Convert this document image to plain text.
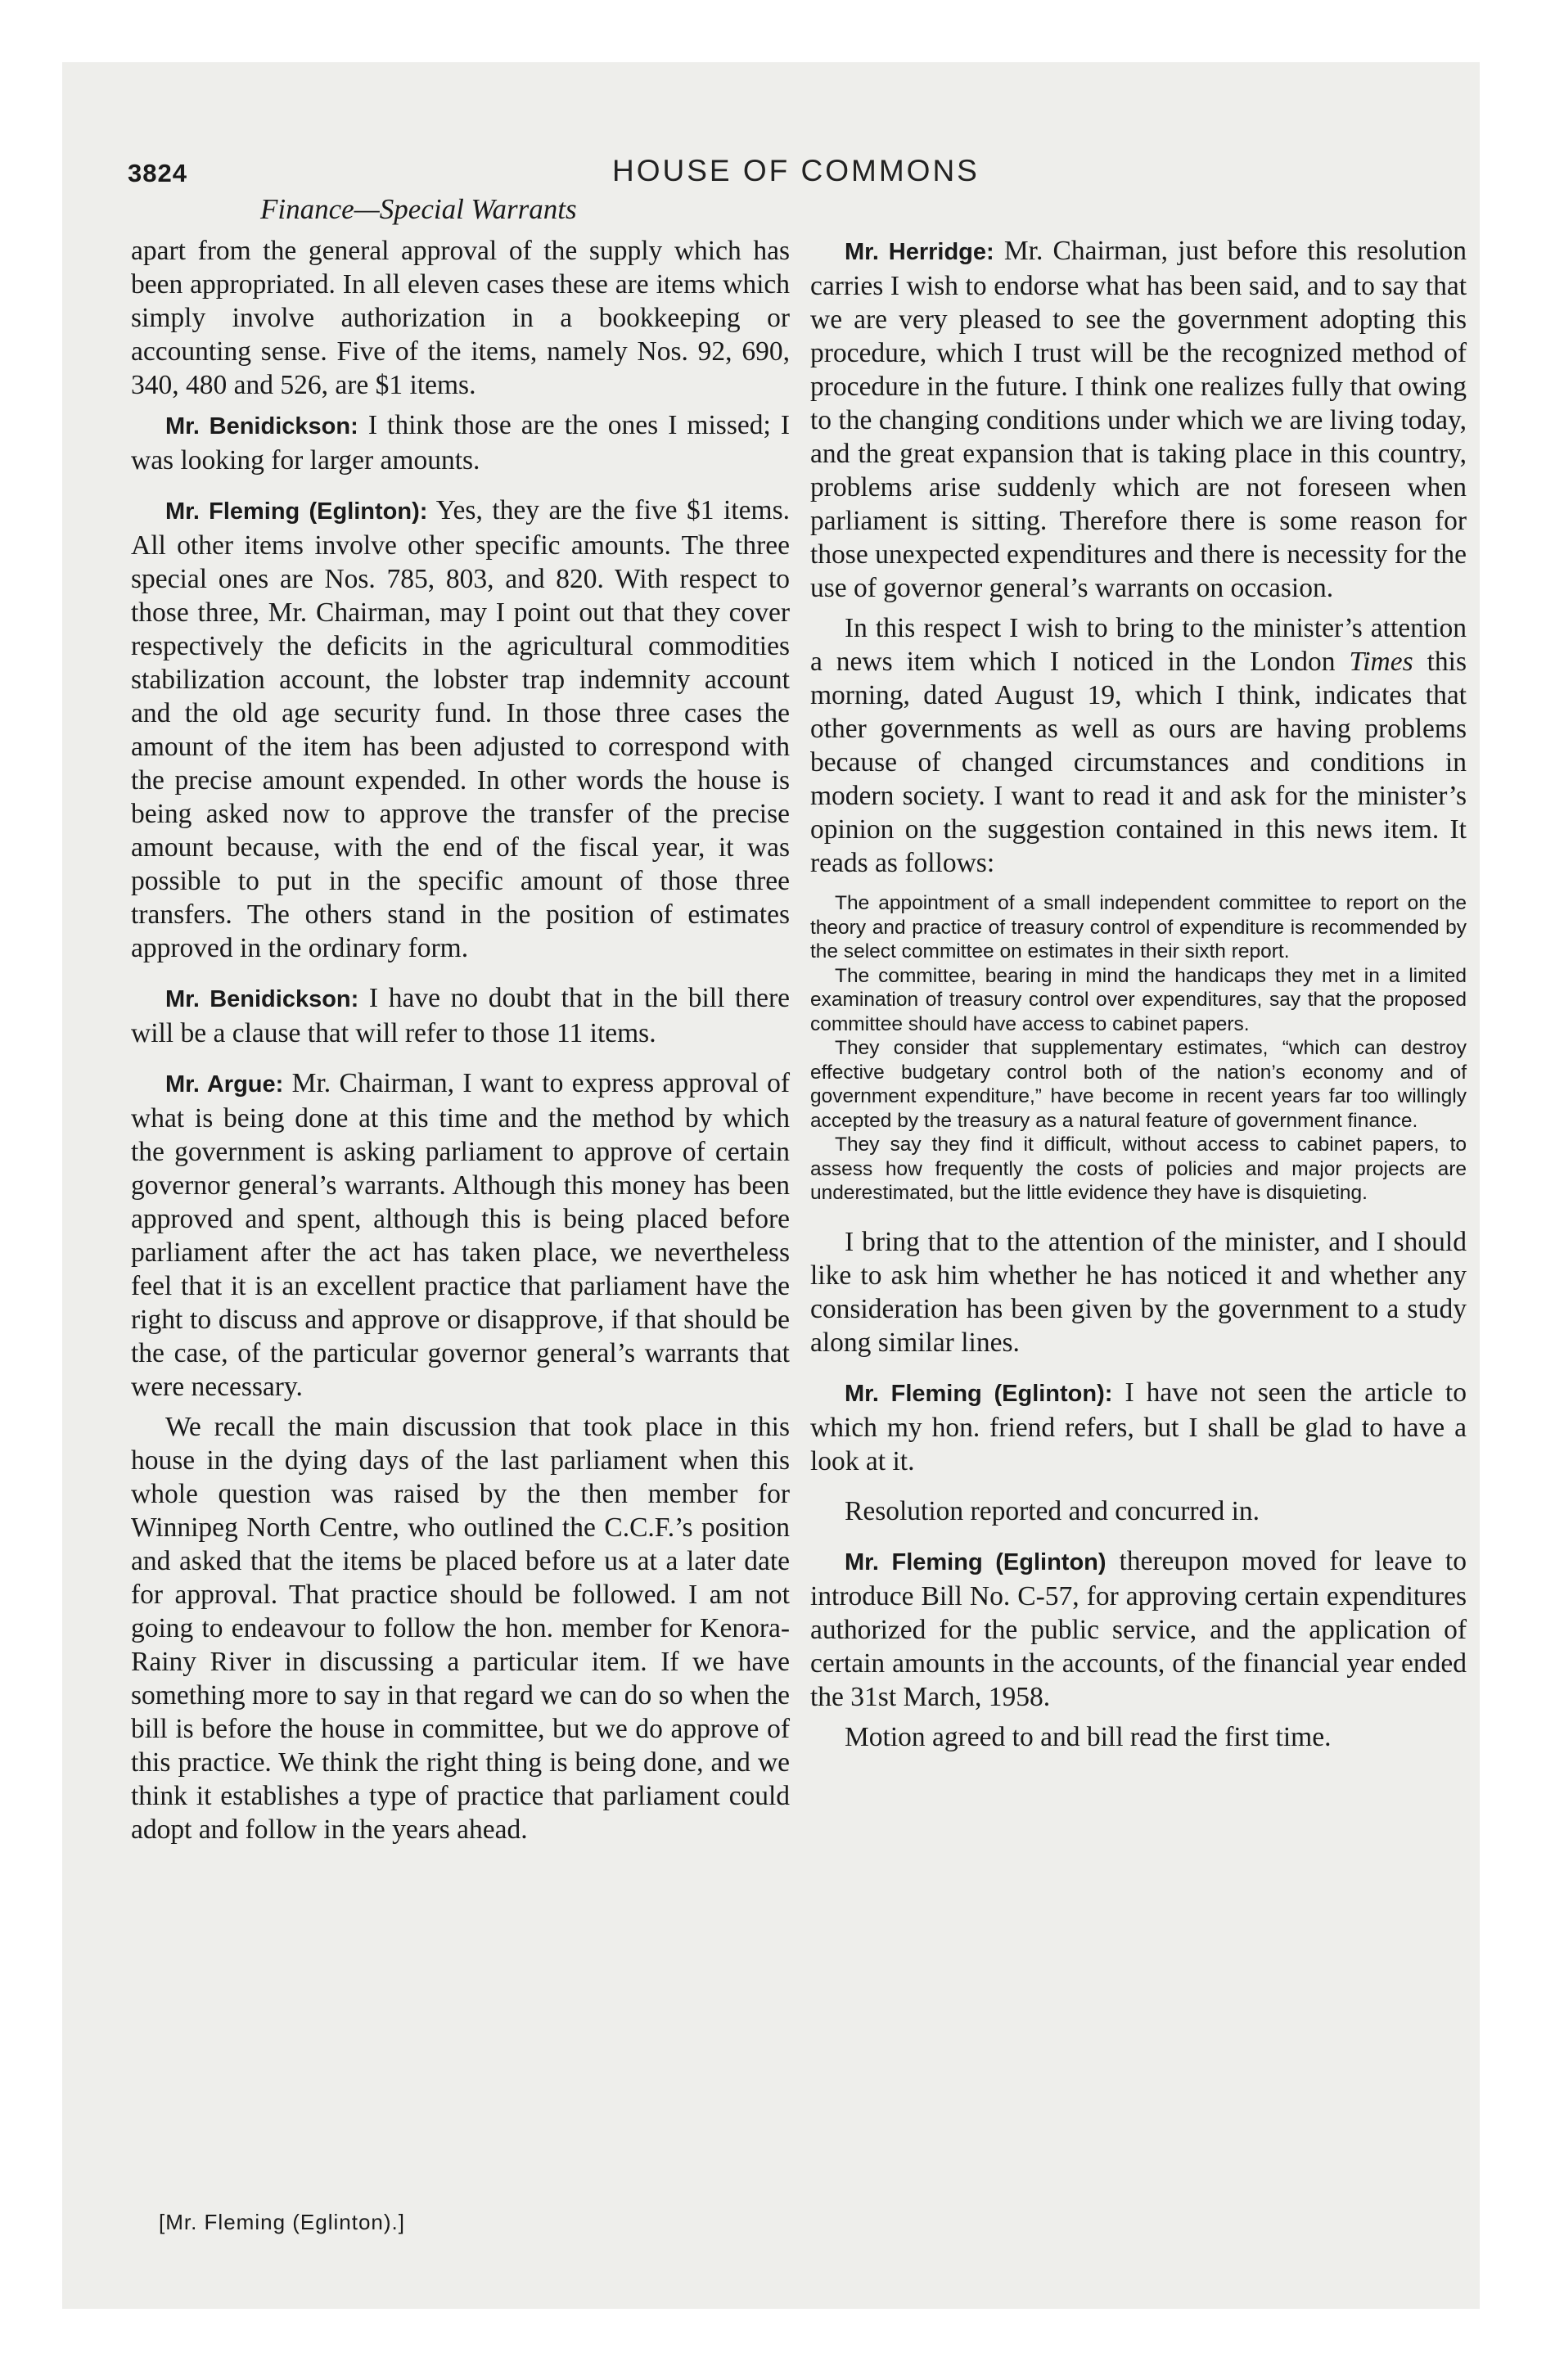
3824	HOUSE OF COMMONS
Finance—Special Warrants

apart from the general approval of the supply which has been appropriated. In all eleven cases these are items which simply involve authorization in a bookkeeping or accounting sense. Five of the items, namely Nos. 92, 690, 340, 480 and 526, are $1 items.

Mr. Benidickson: I think those are the ones I missed; I was looking for larger amounts.

Mr. Fleming (Eglinton): Yes, they are the five $1 items. All other items involve other specific amounts. The three special ones are Nos. 785, 803, and 820. With respect to those three, Mr. Chairman, may I point out that they cover respectively the deficits in the agricultural commodities stabilization account, the lobster trap indemnity account and the old age security fund. In those three cases the amount of the item has been adjusted to correspond with the precise amount expended. In other words the house is being asked now to approve the transfer of the precise amount because, with the end of the fiscal year, it was possible to put in the specific amount of those three transfers. The others stand in the position of estimates approved in the ordinary form.

Mr. Benidickson: I have no doubt that in the bill there will be a clause that will refer to those 11 items.

Mr. Argue: Mr. Chairman, I want to express approval of what is being done at this time and the method by which the government is asking parliament to approve of certain governor general’s warrants. Although this money has been approved and spent, although this is being placed before parliament after the act has taken place, we nevertheless feel that it is an excellent practice that parliament have the right to discuss and approve or disapprove, if that should be the case, of the particular governor general’s warrants that were necessary.

We recall the main discussion that took place in this house in the dying days of the last parliament when this whole question was raised by the then member for Winnipeg North Centre, who outlined the C.C.F.’s position and asked that the items be placed before us at a later date for approval. That practice should be followed. I am not going to endeavour to follow the hon. member for Kenora-Rainy River in discussing a particular item. If we have something more to say in that regard we can do so when the bill is before the house in committee, but we do approve of this practice. We think the right thing is being done, and we think it establishes a type of practice that parliament could adopt and follow in the years ahead.

[Mr. Fleming (Eglinton).]

Mr. Herridge: Mr. Chairman, just before this resolution carries I wish to endorse what has been said, and to say that we are very pleased to see the government adopting this procedure, which I trust will be the recognized method of procedure in the future. I think one realizes fully that owing to the changing conditions under which we are living today, and the great expansion that is taking place in this country, problems arise suddenly which are not foreseen when parliament is sitting. Therefore there is some reason for those unexpected expenditures and there is necessity for the use of governor general’s warrants on occasion.

In this respect I wish to bring to the minister’s attention a news item which I noticed in the London Times this morning, dated August 19, which I think, indicates that other governments as well as ours are having problems because of changed circumstances and conditions in modern society. I want to read it and ask for the minister’s opinion on the suggestion contained in this news item. It reads as follows:

The appointment of a small independent committee to report on the theory and practice of treasury control of expenditure is recommended by the select committee on estimates in their sixth report.

The committee, bearing in mind the handicaps they met in a limited examination of treasury control over expenditures, say that the proposed committee should have access to cabinet papers.

They consider that supplementary estimates, “which can destroy effective budgetary control both of the nation’s economy and of government expenditure,” have become in recent years far too willingly accepted by the treasury as a natural feature of government finance.

They say they find it difficult, without access to cabinet papers, to assess how frequently the costs of policies and major projects are underestimated, but the little evidence they have is disquieting.

I bring that to the attention of the minister, and I should like to ask him whether he has noticed it and whether any consideration has been given by the government to a study along similar lines.

Mr. Fleming (Eglinton): I have not seen the article to which my hon. friend refers, but I shall be glad to have a look at it.

Resolution reported and concurred in.

Mr. Fleming (Eglinton) thereupon moved for leave to introduce Bill No. C-57, for approving certain expenditures authorized for the public service, and the application of certain amounts in the accounts, of the financial year ended the 31st March, 1958.

Motion agreed to and bill read the first time.
